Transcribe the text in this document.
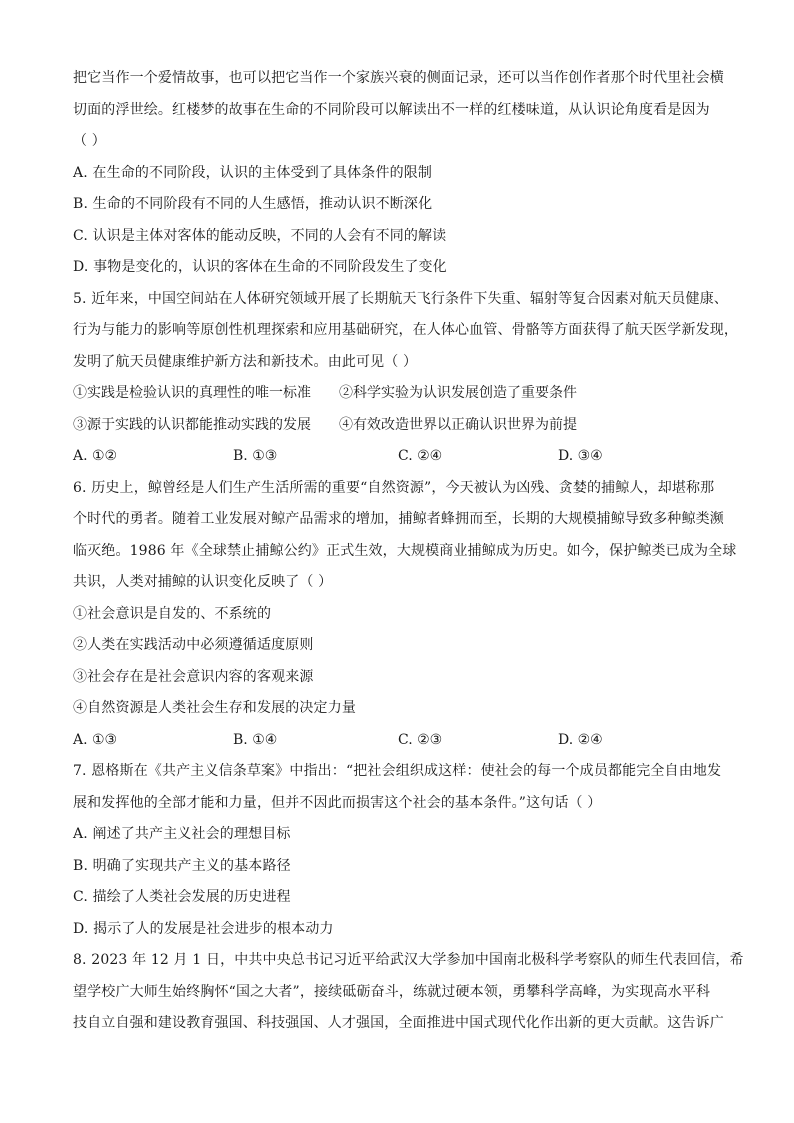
把它当作一个爱情故事，也可以把它当作一个家族兴衰的侧面记录，还可以当作创作者那个时代里社会横
切面的浮世绘。红楼梦的故事在生命的不同阶段可以解读出不一样的红楼味道，从认识论角度看是因为
（ ）
A. 在生命的不同阶段，认识的主体受到了具体条件的限制
B. 生命的不同阶段有不同的人生感悟，推动认识不断深化
C. 认识是主体对客体的能动反映，不同的人会有不同的解读
D. 事物是变化的，认识的客体在生命的不同阶段发生了变化
5. 近年来，中国空间站在人体研究领域开展了长期航天飞行条件下失重、辐射等复合因素对航天员健康、
行为与能力的影响等原创性机理探索和应用基础研究，在人体心血管、骨骼等方面获得了航天医学新发现，
发明了航天员健康维护新方法和新技术。由此可见（ ）
①实践是检验认识的真理性的唯一标准	②科学实验为认识发展创造了重要条件
③源于实践的认识都能推动实践的发展	④有效改造世界以正确认识世界为前提
A. ①②	B. ①③	C. ②④	D. ③④
6. 历史上，鲸曾经是人们生产生活所需的重要“自然资源”，今天被认为凶残、贪婪的捕鲸人，却堪称那
个时代的勇者。随着工业发展对鲸产品需求的增加，捕鲸者蜂拥而至，长期的大规模捕鲸导致多种鲸类濒
临灭绝。1986 年《全球禁止捕鲸公约》正式生效，大规模商业捕鲸成为历史。如今，保护鲸类已成为全球
共识，人类对捕鲸的认识变化反映了（ ）
①社会意识是自发的、不系统的
②人类在实践活动中必须遵循适度原则
③社会存在是社会意识内容的客观来源
④自然资源是人类社会生存和发展的决定力量
A. ①③	B. ①④	C. ②③	D. ②④
7. 恩格斯在《共产主义信条草案》中指出：“把社会组织成这样：使社会的每一个成员都能完全自由地发
展和发挥他的全部才能和力量，但并不因此而损害这个社会的基本条件。”这句话（ ）
A. 阐述了共产主义社会的理想目标
B. 明确了实现共产主义的基本路径
C. 描绘了人类社会发展的历史进程
D. 揭示了人的发展是社会进步的根本动力
8. 2023 年 12 月 1 日，中共中央总书记习近平给武汉大学参加中国南北极科学考察队的师生代表回信，希
望学校广大师生始终胸怀“国之大者”，接续砥砺奋斗，练就过硬本领，勇攀科学高峰，为实现高水平科
技自立自强和建设教育强国、科技强国、人才强国，全面推进中国式现代化作出新的更大贡献。这告诉广
